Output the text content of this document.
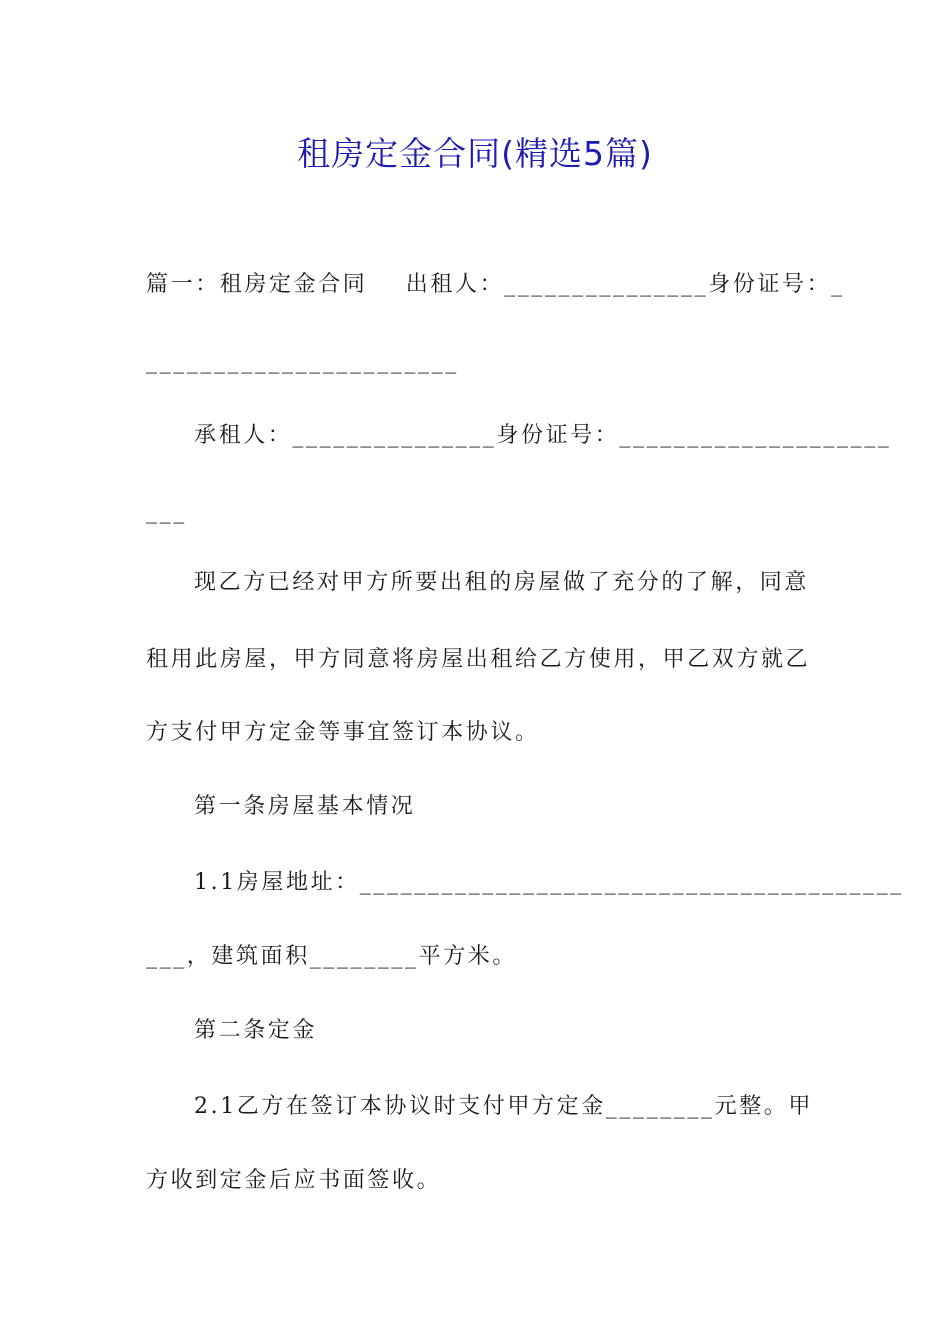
租房定金合同(精选5篇)
篇一：租房定金合同    出租人：_______________身份证号：_
_______________________
承租人：_______________身份证号：____________________
___
现乙方已经对甲方所要出租的房屋做了充分的了解，同意
租用此房屋，甲方同意将房屋出租给乙方使用，甲乙双方就乙
方支付甲方定金等事宜签订本协议。
第一条房屋基本情况
1.1房屋地址：________________________________________
___，建筑面积________平方米。
第二条定金
2.1乙方在签订本协议时支付甲方定金________元整。甲
方收到定金后应书面签收。
